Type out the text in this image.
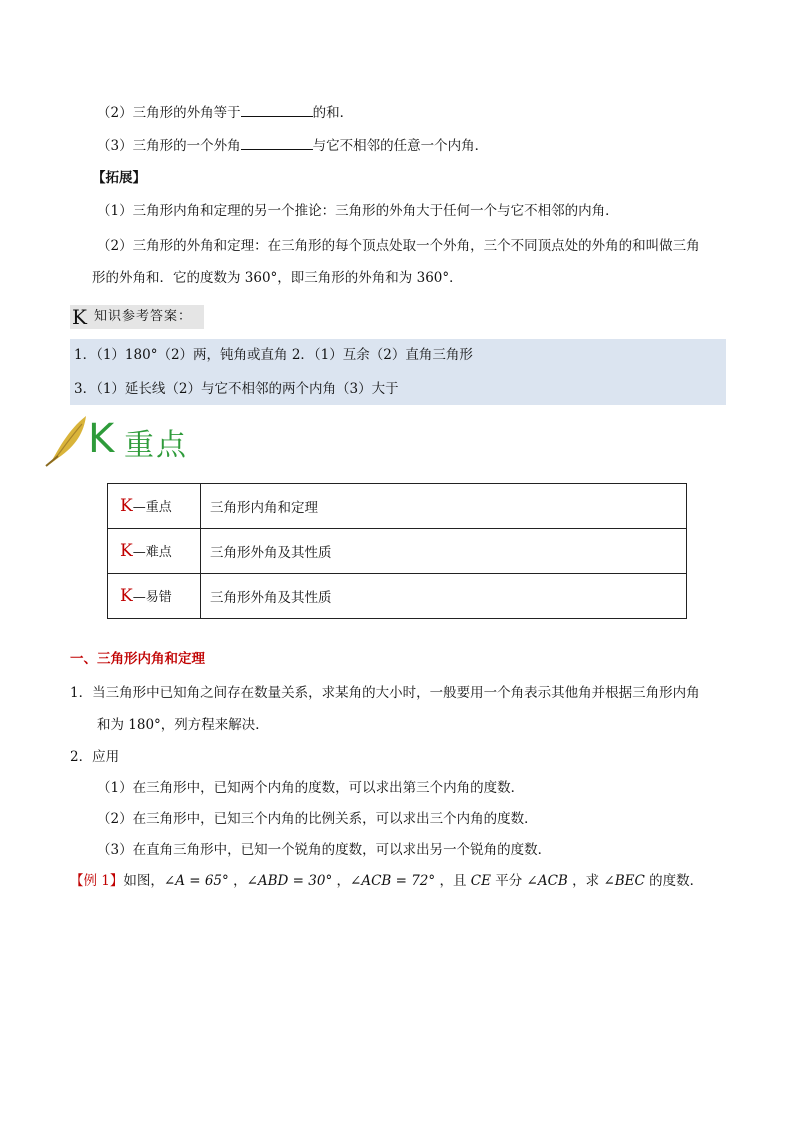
（2）三角形的外角等于	的和．
（3）三角形的一个外角	与它不相邻的任意一个内角．
【拓展】
（1）三角形内角和定理的另一个推论：三角形的外角大于任何一个与它不相邻的内角．
（2）三角形的外角和定理：在三角形的每个顶点处取一个外角，三个不同顶点处的外角的和叫做三角
形的外角和．它的度数为 360°，即三角形的外角和为 360°．
K 知识参考答案：
1．（1）180°（2）两，钝角或直角 2．（1）互余（2）直角三角形
3．（1）延长线（2）与它不相邻的两个内角（3）大于
K 重点
K—重点	三角形内角和定理
K—难点	三角形外角及其性质
K—易错	三角形外角及其性质
一、三角形内角和定理
1．当三角形中已知角之间存在数量关系，求某角的大小时，一般要用一个角表示其他角并根据三角形内角
和为 180°，列方程来解决．
2．应用
（1）在三角形中，已知两个内角的度数，可以求出第三个内角的度数．
（2）在三角形中，已知三个内角的比例关系，可以求出三个内角的度数．
（3）在直角三角形中，已知一个锐角的度数，可以求出另一个锐角的度数．
【例 1】如图，∠A = 65° ，∠ABD = 30° ，∠ACB = 72° ，且 CE 平分 ∠ACB ，求 ∠BEC 的度数．
